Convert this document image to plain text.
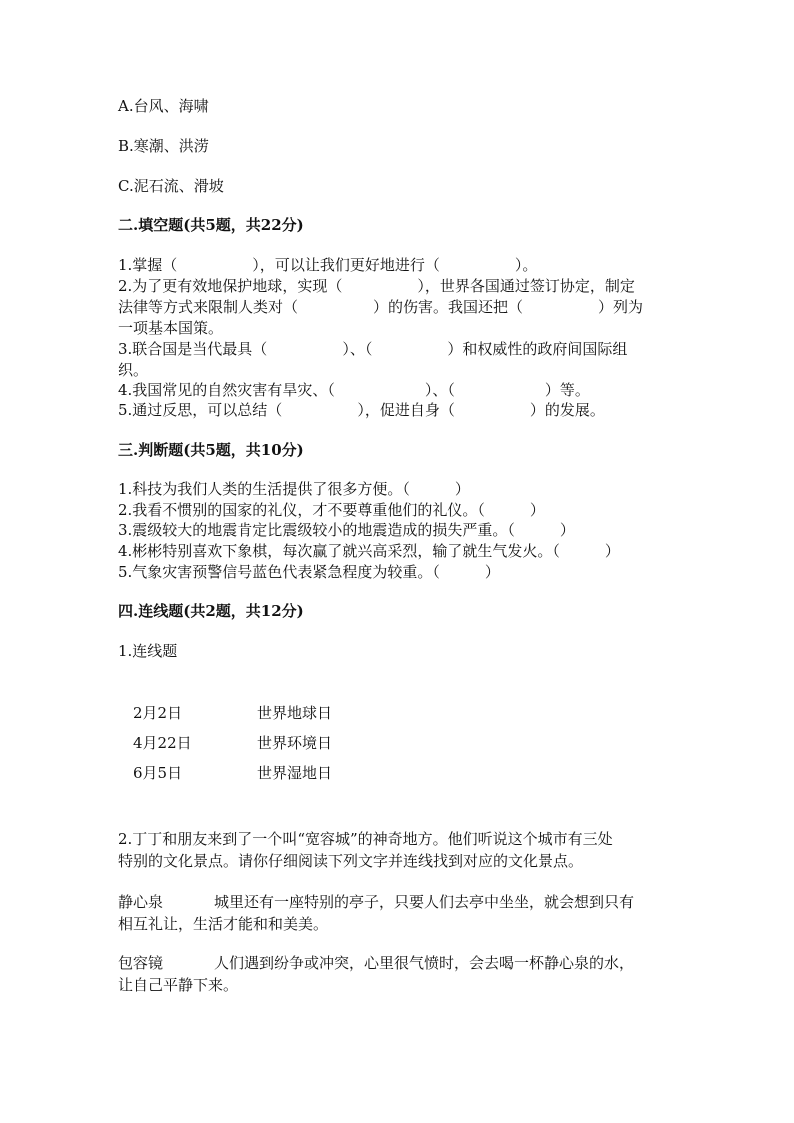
A.台风、海啸
B.寒潮、洪涝
C.泥石流、滑坡
二.填空题(共5题，共22分)
1.掌握（　　　　　），可以让我们更好地进行（　　　　　）。
2.为了更有效地保护地球，实现（　　　　　），世界各国通过签订协定，制定
法律等方式来限制人类对（　　　　　）的伤害。我国还把（　　　　　）列为
一项基本国策。
3.联合国是当代最具（　　　　　）、（　　　　　）和权威性的政府间国际组
织。
4.我国常见的自然灾害有旱灾、（　　　　　　）、（　　　　　　）等。
5.通过反思，可以总结（　　　　　），促进自身（　　　　　）的发展。
三.判断题(共5题，共10分)
1.科技为我们人类的生活提供了很多方便。（　　　）
2.我看不惯别的国家的礼仪，才不要尊重他们的礼仪。（　　　）
3.震级较大的地震肯定比震级较小的地震造成的损失严重。（　　　）
4.彬彬特别喜欢下象棋，每次赢了就兴高采烈，输了就生气发火。（　　　）
5.气象灾害预警信号蓝色代表紧急程度为较重。（　　　）
四.连线题(共2题，共12分)
1.连线题
2月2日	世界地球日
4月22日	世界环境日
6月5日	世界湿地日
2.丁丁和朋友来到了一个叫“宽容城”的神奇地方。他们听说这个城市有三处
特别的文化景点。请你仔细阅读下列文字并连线找到对应的文化景点。
静心泉	城里还有一座特别的亭子，只要人们去亭中坐坐，就会想到只有
相互礼让，生活才能和和美美。
包容镜	人们遇到纷争或冲突，心里很气愤时，会去喝一杯静心泉的水，
让自己平静下来。
